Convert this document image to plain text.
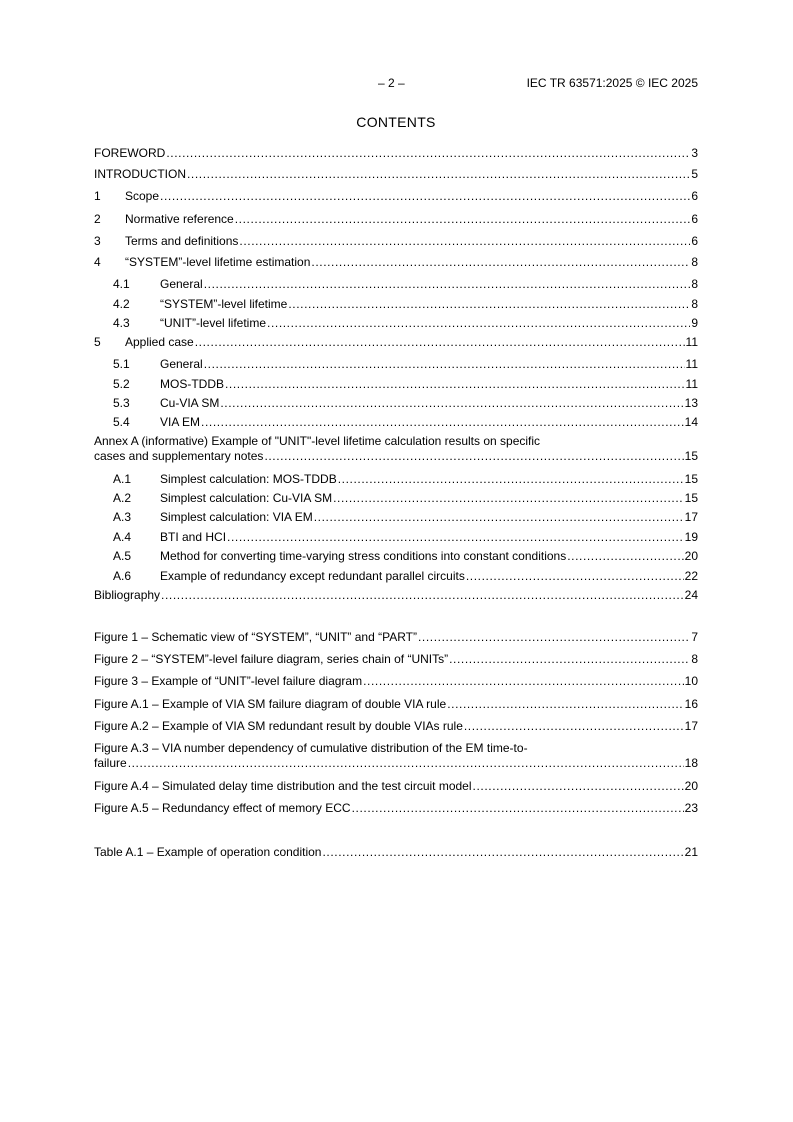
– 2 –	IEC TR 63571:2025 © IEC 2025
CONTENTS
FOREWORD .....	3
INTRODUCTION .....	5
1	Scope .....	6
2	Normative reference .....	6
3	Terms and definitions .....	6
4	“SYSTEM”-level lifetime estimation .....	8
4.1	General .....	8
4.2	“SYSTEM”-level lifetime .....	8
4.3	“UNIT”-level lifetime .....	9
5	Applied case .....	11
5.1	General .....	11
5.2	MOS-TDDB .....	11
5.3	Cu-VIA SM .....	13
5.4	VIA EM .....	14
Annex A (informative) Example of "UNIT"-level lifetime calculation results on specific
cases and supplementary notes .....	15
A.1	Simplest calculation: MOS-TDDB .....	15
A.2	Simplest calculation: Cu-VIA SM .....	15
A.3	Simplest calculation: VIA EM .....	17
A.4	BTI and HCI .....	19
A.5	Method for converting time-varying stress conditions into constant conditions .....	20
A.6	Example of redundancy except redundant parallel circuits .....	22
Bibliography .....	24
Figure 1 – Schematic view of “SYSTEM”, “UNIT” and “PART” .....	7
Figure 2 – “SYSTEM”-level failure diagram, series chain of “UNITs” .....	8
Figure 3 – Example of “UNIT”-level failure diagram .....	10
Figure A.1 – Example of VIA SM failure diagram of double VIA rule .....	16
Figure A.2 – Example of VIA SM redundant result by double VIAs rule .....	17
Figure A.3 – VIA number dependency of cumulative distribution of the EM time-to-
failure .....	18
Figure A.4 – Simulated delay time distribution and the test circuit model .....	20
Figure A.5 – Redundancy effect of memory ECC .....	23
Table A.1 – Example of operation condition .....	21
